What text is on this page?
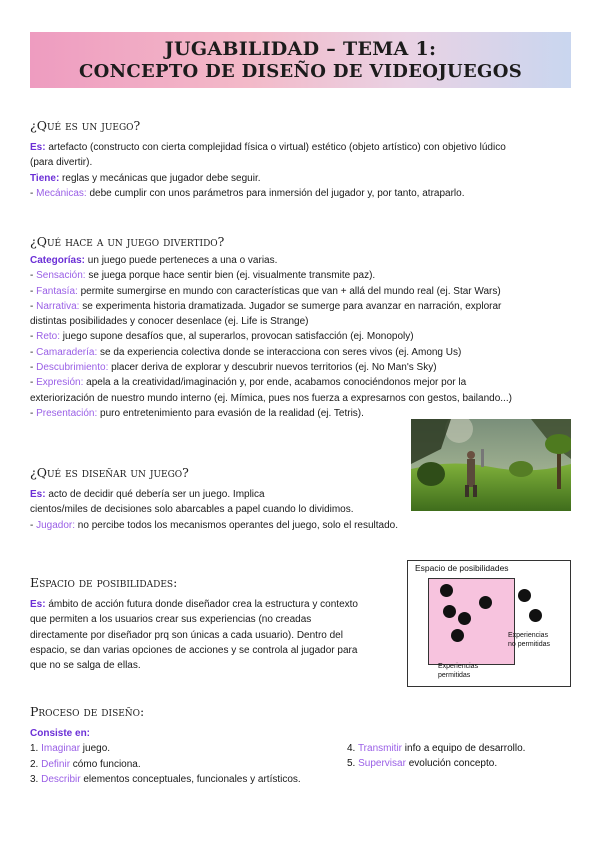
JUGABILIDAD – TEMA 1:
CONCEPTO DE DISEÑO DE VIDEOJUEGOS
¿Qué es un juego?
Es: artefacto (constructo con cierta complejidad física o virtual) estético (objeto artístico) con objetivo lúdico
(para divertir).
Tiene: reglas y mecánicas que jugador debe seguir.
- Mecánicas: debe cumplir con unos parámetros para inmersión del jugador y, por tanto, atraparlo.
¿Qué hace a un juego divertido?
Categorías: un juego puede perteneces a una o varias.
- Sensación: se juega porque hace sentir bien (ej. visualmente transmite paz).
- Fantasía: permite sumergirse en mundo con características que van + allá del mundo real (ej. Star Wars)
- Narrativa: se experimenta historia dramatizada. Jugador se sumerge para avanzar en narración, explorar
distintas posibilidades y conocer desenlace (ej. Life is Strange)
- Reto: juego supone desafíos que, al superarlos, provocan satisfacción (ej. Monopoly)
- Camaradería: se da experiencia colectiva donde se interacciona con seres vivos (ej. Among Us)
- Descubrimiento: placer deriva de explorar y descubrir nuevos territorios (ej. No Man's Sky)
- Expresión: apela a la creatividad/imaginación y, por ende, acabamos conociéndonos mejor por la
exteriorización de nuestro mundo interno (ej. Mímica, pues nos fuerza a expresarnos con gestos, bailando...)
- Presentación: puro entretenimiento para evasión de la realidad (ej. Tetris).
¿Qué es diseñar un juego?
Es: acto de decidir qué debería ser un juego. Implica
cientos/miles de decisiones solo abarcables a papel cuando lo dividimos.
- Jugador: no percibe todos los mecanismos operantes del juego, solo el resultado.
Espacio de posibilidades:
Es: ámbito de acción futura donde diseñador crea la estructura y contexto
que permiten a los usuarios crear sus experiencias (no creadas
directamente por diseñador prq son únicas a cada usuario). Dentro del
espacio, se dan varias opciones de acciones y se controla al jugador para
que no se salga de ellas.
Espacio de posibilidades
Experiencias
no permitidas
Experiencias
permitidas
Proceso de diseño:
Consiste en:
1. Imaginar juego.
2. Definir cómo funciona.
3. Describir elementos conceptuales, funcionales y artísticos.
4. Transmitir info a equipo de desarrollo.
5. Supervisar evolución concepto.
